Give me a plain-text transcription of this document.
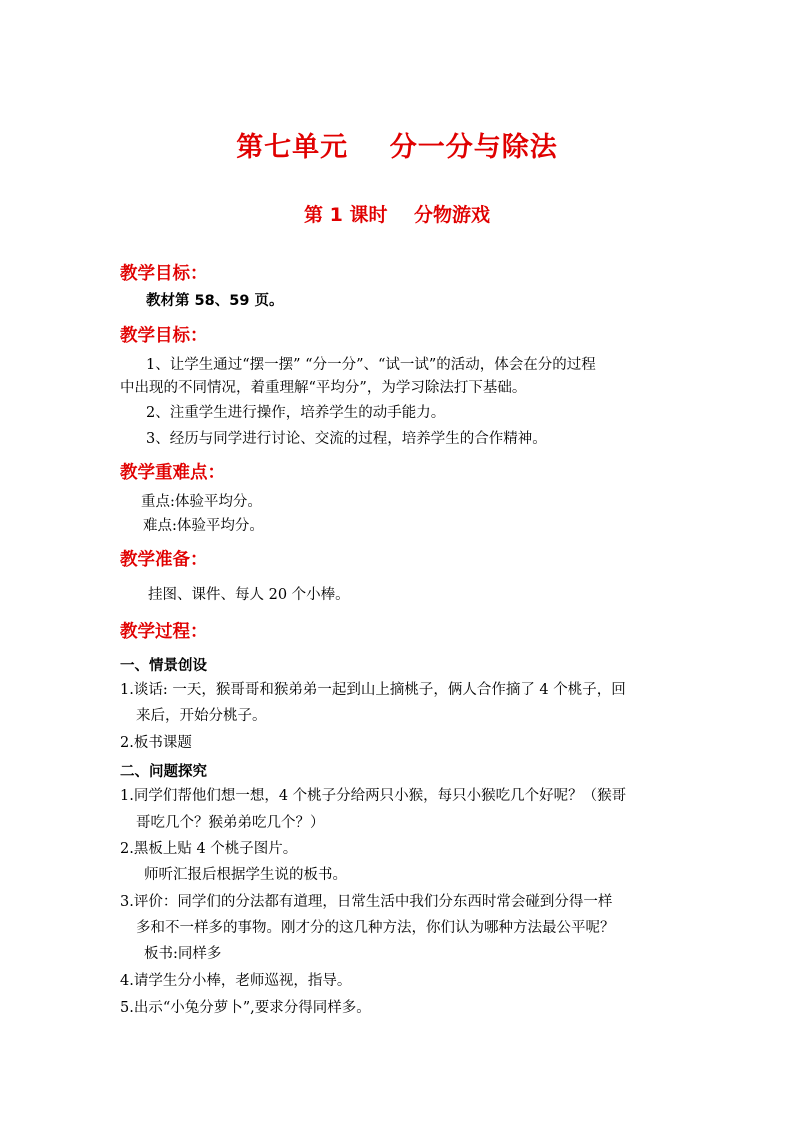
第七单元    分一分与除法
第 1 课时    分物游戏
教学目标：
教材第 58、59 页。
教学目标：
1、让学生通过“摆一摆” “分一分”、“试一试”的活动，体会在分的过程
中出现的不同情况，着重理解“平均分”，为学习除法打下基础。
2、注重学生进行操作，培养学生的动手能力。
3、经历与同学进行讨论、交流的过程，培养学生的合作精神。
教学重难点：
重点:体验平均分。
难点:体验平均分。
教学准备：
挂图、课件、每人 20 个小棒。
教学过程：
一、情景创设
1.谈话: 一天，猴哥哥和猴弟弟一起到山上摘桃子，俩人合作摘了 4 个桃子，回
来后，开始分桃子。
2.板书课题
二、问题探究
1.同学们帮他们想一想，4 个桃子分给两只小猴，每只小猴吃几个好呢？（猴哥
哥吃几个？猴弟弟吃几个？）
2.黑板上贴 4 个桃子图片。
师听汇报后根据学生说的板书。
3.评价：同学们的分法都有道理，日常生活中我们分东西时常会碰到分得一样
多和不一样多的事物。刚才分的这几种方法，你们认为哪种方法最公平呢？
板书:同样多
4.请学生分小棒，老师巡视，指导。
5.出示“小兔分萝卜”,要求分得同样多。
